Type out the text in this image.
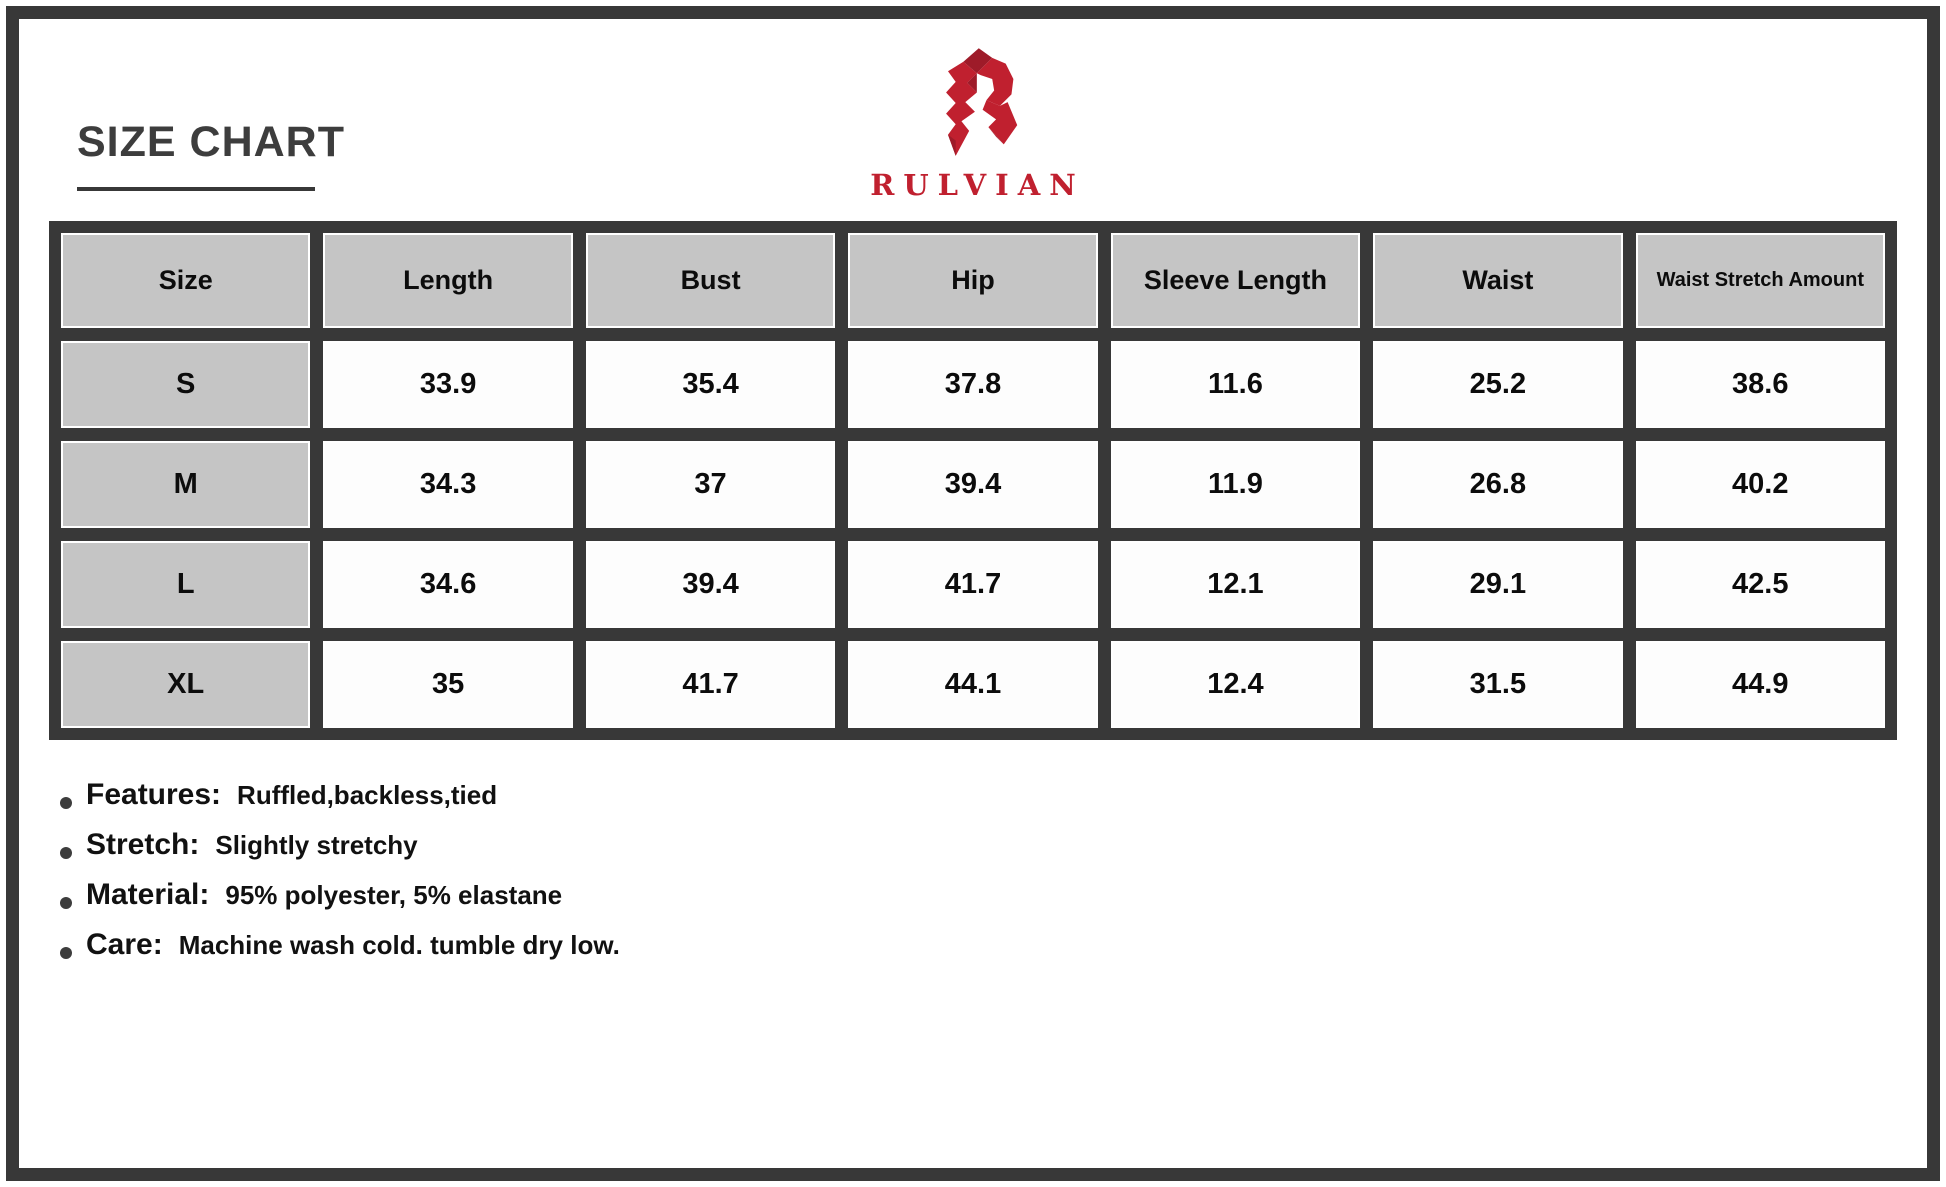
SIZE CHART
RULVIAN
Size	Length	Bust	Hip	Sleeve Length	Waist	Waist Stretch Amount
S	33.9	35.4	37.8	11.6	25.2	38.6
M	34.3	37	39.4	11.9	26.8	40.2
L	34.6	39.4	41.7	12.1	29.1	42.5
XL	35	41.7	44.1	12.4	31.5	44.9
Features: Ruffled,backless,tied
Stretch: Slightly stretchy
Material: 95% polyester, 5% elastane
Care: Machine wash cold. tumble dry low.
